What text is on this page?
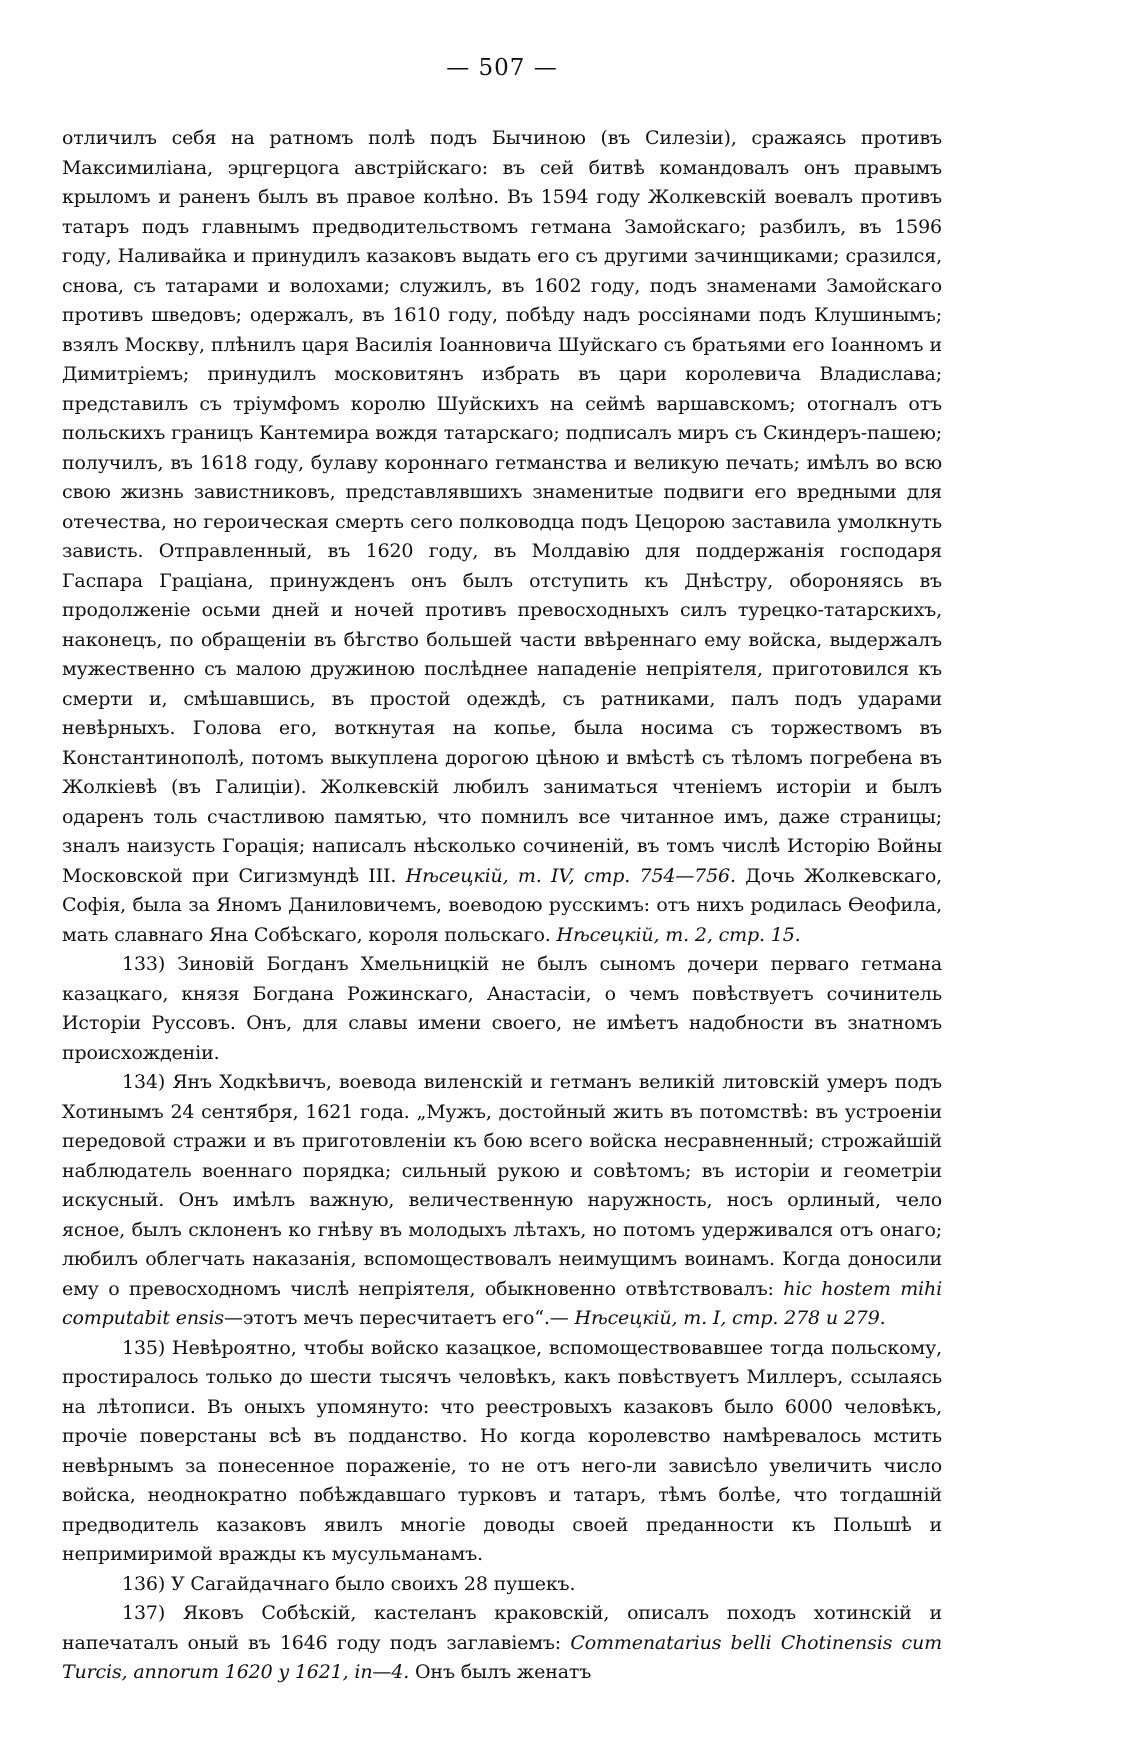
— 507 —

отличилъ себя на ратномъ полѣ подъ Бычиною (въ Силезіи), сражаясь противъ Максимиліана, эрцгерцога австрійскаго: въ сей битвѣ командовалъ онъ правымъ крыломъ и раненъ былъ въ правое колѣно. Въ 1594 году Жолкевскій воевалъ противъ татаръ подъ главнымъ предводительствомъ гетмана Замойскаго; разбилъ, въ 1596 году, Наливайка и принудилъ казаковъ выдать его съ другими зачинщиками; сразился, снова, съ татарами и волохами; служилъ, въ 1602 году, подъ знаменами Замойскаго противъ шведовъ; одержалъ, въ 1610 году, побѣду надъ россіянами подъ Клушинымъ; взялъ Москву, плѣнилъ царя Василія Іоанновича Шуйскаго съ братьями его Іоанномъ и Димитріемъ; принудилъ московитянъ избрать въ цари королевича Владислава; представилъ съ тріумфомъ королю Шуйскихъ на сеймѣ варшавскомъ; отогналъ отъ польскихъ границъ Кантемира вождя татарскаго; подписалъ миръ съ Скиндеръ-пашею; получилъ, въ 1618 году, булаву короннаго гетманства и великую печать; имѣлъ во всю свою жизнь завистниковъ, представлявшихъ знаменитые подвиги его вредными для отечества, но героическая смерть сего полководца подъ Цецорою заставила умолкнуть зависть. Отправленный, въ 1620 году, въ Молдавію для поддержанія господаря Гаспара Граціана, принужденъ онъ былъ отступить къ Днѣстру, обороняясь въ продолженіе осьми дней и ночей противъ превосходныхъ силъ турецко-татарскихъ, наконецъ, по обращеніи въ бѣгство большей части ввѣреннаго ему войска, выдержалъ мужественно съ малою дружиною послѣднее нападеніе непріятеля, приготовился къ смерти и, смѣшавшись, въ простой одеждѣ, съ ратниками, палъ подъ ударами невѣрныхъ. Голова его, воткнутая на копье, была носима съ торжествомъ въ Константинополѣ, потомъ выкуплена дорогою цѣною и вмѣстѣ съ тѣломъ погребена въ Жолкіевѣ (въ Галиціи). Жолкевскій любилъ заниматься чтеніемъ исторіи и былъ одаренъ толь счастливою памятью, что помнилъ все читанное имъ, даже страницы; зналъ наизусть Горація; написалъ нѣсколько сочиненій, въ томъ числѣ Исторію Войны Московской при Сигизмундѣ III. Нѣсецкій, т. IV, стр. 754—756. Дочь Жолкевскаго, Софія, была за Яномъ Даниловичемъ, воеводою русскимъ: отъ нихъ родилась Ѳеофила, мать славнаго Яна Собѣскаго, короля польскаго. Нѣсецкій, т. 2, стр. 15.

133) Зиновій Богданъ Хмельницкій не былъ сыномъ дочери перваго гетмана казацкаго, князя Богдана Рожинскаго, Анастасіи, о чемъ повѣствуетъ сочинитель Исторіи Руссовъ. Онъ, для славы имени своего, не имѣетъ надобности въ знатномъ происхожденіи.

134) Янъ Ходкѣвичъ, воевода виленскій и гетманъ великій литовскій умеръ подъ Хотинымъ 24 сентября, 1621 года. „Мужъ, достойный жить въ потомствѣ: въ устроеніи передовой стражи и въ приготовленіи къ бою всего войска несравненный; строжайшій наблюдатель военнаго порядка; сильный рукою и совѣтомъ; въ исторіи и геометріи искусный. Онъ имѣлъ важную, величественную наружность, носъ орлиный, чело ясное, былъ склоненъ ко гнѣву въ молодыхъ лѣтахъ, но потомъ удерживался отъ онаго; любилъ облегчать наказанія, вспомоществовалъ неимущимъ воинамъ. Когда доносили ему о превосходномъ числѣ непріятеля, обыкновенно отвѣтствовалъ: hic hostem mihi computabit ensis—этотъ мечъ пересчитаетъ его“.— Нѣсецкій, т. I, стр. 278 и 279.

135) Невѣроятно, чтобы войско казацкое, вспомоществовавшее тогда польскому, простиралось только до шести тысячъ человѣкъ, какъ повѣствуетъ Миллеръ, ссылаясь на лѣтописи. Въ оныхъ упомянуто: что реестровыхъ казаковъ было 6000 человѣкъ, прочіе поверстаны всѣ въ подданство. Но когда королевство намѣревалось мстить невѣрнымъ за понесенное пораженіе, то не отъ него-ли зависѣло увеличить число войска, неоднократно побѣждавшаго турковъ и татаръ, тѣмъ болѣе, что тогдашній предводитель казаковъ явилъ многіе доводы своей преданности къ Польшѣ и непримиримой вражды къ мусульманамъ.

136) У Сагайдачнаго было своихъ 28 пушекъ.

137) Яковъ Собѣскій, кастеланъ краковскій, описалъ походъ хотинскій и напечаталъ оный въ 1646 году подъ заглавіемъ: Commenatarius belli Chotinensis cum Turcis, annorum 1620 y 1621, in—4. Онъ былъ женатъ
